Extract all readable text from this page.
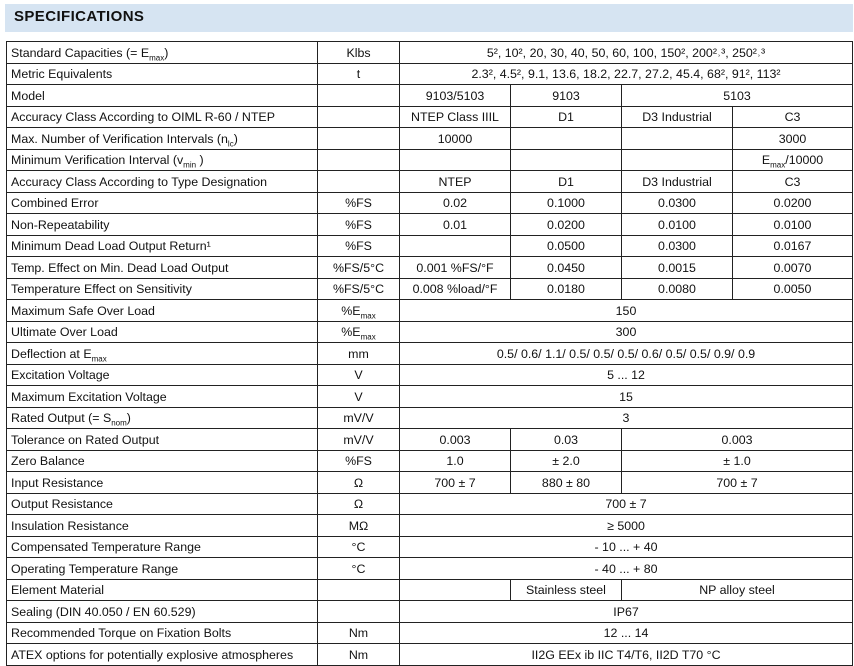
SPECIFICATIONS
Standard Capacities (= $E_{max}$)	Klbs	5², 10², 20, 30, 40, 50, 60, 100, 150², 200²˒³, 250²˒³			
Metric Equivalents	t	2.3², 4.5², 9.1, 13.6, 18.2, 22.7, 27.2, 45.4, 68², 91², 113²			
Model		9103/5103	9103	5103	
Accuracy Class According to OIML R-60 / NTEP		NTEP Class IIIL	D1	D3 Industrial	C3
Max. Number of Verification Intervals $(n_{lc})$		10000			3000
Minimum Verification Interval ($v_{min}$ )					$E_{max}/10000$
Accuracy Class According to Type Designation		NTEP	D1	D3 Industrial	C3
Combined Error	%FS	0.02	0.1000	0.0300	0.0200
Non-Repeatability	%FS	0.01	0.0200	0.0100	0.0100
Minimum Dead Load Output Return¹	%FS		0.0500	0.0300	0.0167
Temp. Effect on Min. Dead Load Output	%FS/5°C	0.001 %FS/°F	0.0450	0.0015	0.0070
Temperature Effect on Sensitivity	%FS/5°C	0.008 %load/°F	0.0180	0.0080	0.0050
Maximum Safe Over Load	$\%E_{max}$	150			
Ultimate Over Load	$\%E_{max}$	300			
Deflection at $E_{max}$	mm	0.5/ 0.6/ 1.1/ 0.5/ 0.5/ 0.5/ 0.6/ 0.5/ 0.5/ 0.9/ 0.9			
Excitation Voltage	V	5 ... 12			
Maximum Excitation Voltage	V	15			
Rated Output (= $S_{nom}$)	mV/V	3			
Tolerance on Rated Output	mV/V	0.003	0.03	0.003	
Zero Balance	%FS	1.0	± 2.0	± 1.0	
Input Resistance	Ω	700 ± 7	880 ± 80	700 ± 7	
Output Resistance	Ω	700 ± 7			
Insulation Resistance	MΩ	≥ 5000			
Compensated Temperature Range	°C	- 10 ... + 40			
Operating Temperature Range	°C	- 40 ... + 80			
Element Material			Stainless steel	NP alloy steel	
Sealing (DIN 40.050 / EN 60.529)		IP67			
Recommended Torque on Fixation Bolts	Nm	12 ... 14			
ATEX options for potentially explosive atmospheres	Nm	II2G EEx ib IIC T4/T6, II2D T70 °C			
